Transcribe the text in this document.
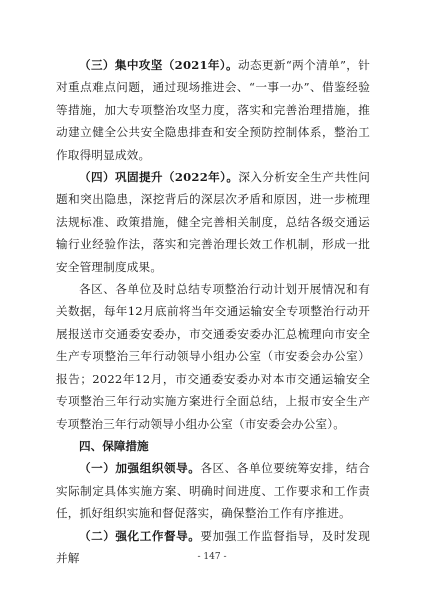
（三）集中攻坚（2021年）。动态更新“两个清单”，针对重点难点问题，通过现场推进会、“一事一办”、借鉴经验等措施，加大专项整治攻坚力度，落实和完善治理措施，推动建立健全公共安全隐患排查和安全预防控制体系，整治工作取得明显成效。

（四）巩固提升（2022年）。深入分析安全生产共性问题和突出隐患，深挖背后的深层次矛盾和原因，进一步梳理法规标准、政策措施，健全完善相关制度，总结各级交通运输行业经验作法，落实和完善治理长效工作机制，形成一批安全管理制度成果。

各区、各单位及时总结专项整治行动计划开展情况和有关数据，每年12月底前将当年交通运输安全专项整治行动开展报送市交通委安委办，市交通委安委办汇总梳理向市安全生产专项整治三年行动领导小组办公室（市安委会办公室）报告；2022年12月，市交通委安委办对本市交通运输安全专项整治三年行动实施方案进行全面总结，上报市安全生产专项整治三年行动领导小组办公室（市安委会办公室）。

四、保障措施

（一）加强组织领导。各区、各单位要统筹安排，结合实际制定具体实施方案、明确时间进度、工作要求和工作责任，抓好组织实施和督促落实，确保整治工作有序推进。

（二）强化工作督导。要加强工作监督指导，及时发现并解	- 147 -
